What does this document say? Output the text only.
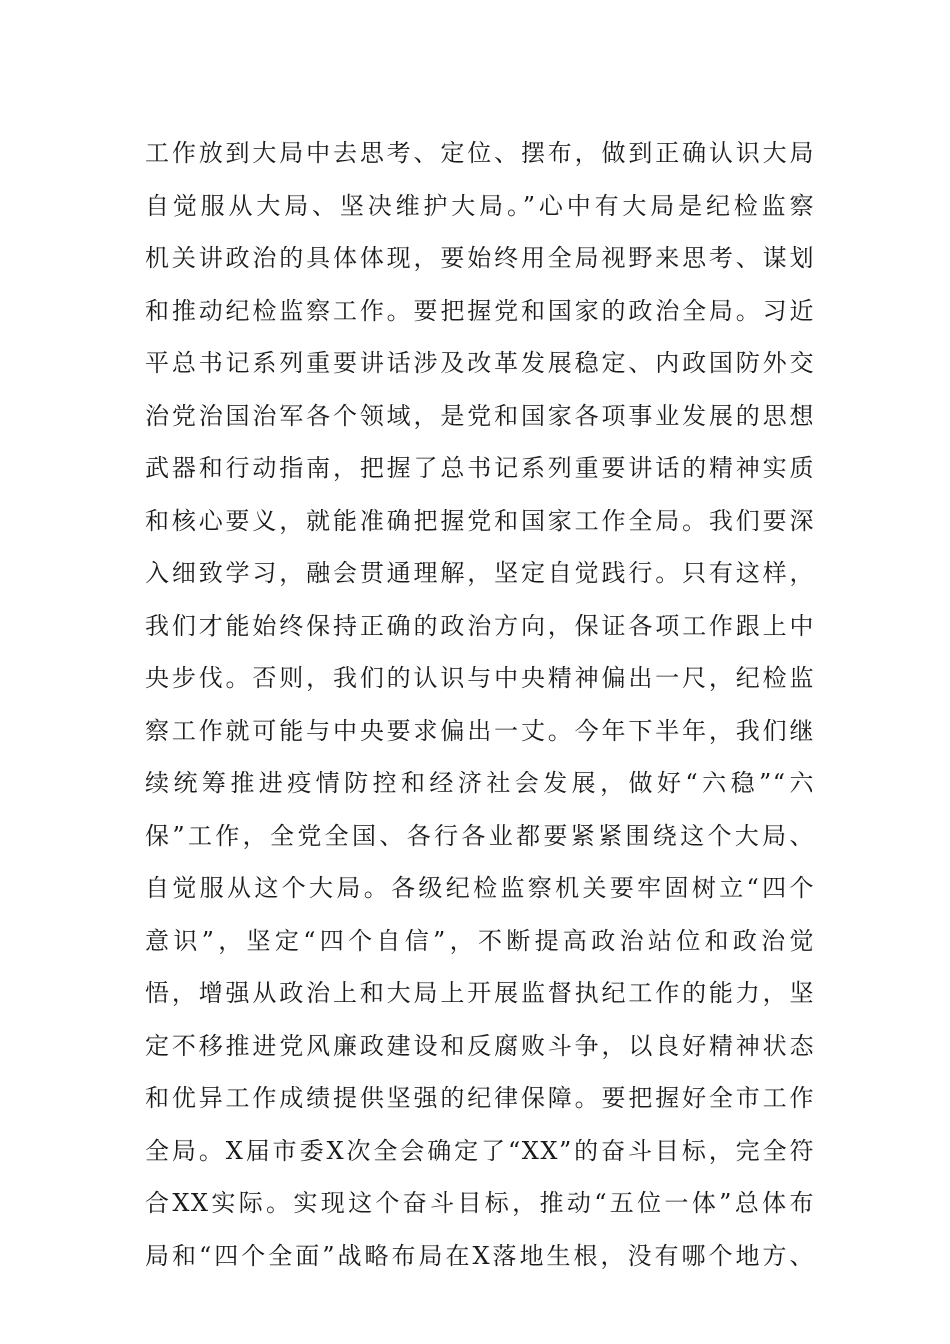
工作放到大局中去思考、定位、摆布，做到正确认识大局
自觉服从大局、坚决维护大局。”心中有大局是纪检监察
机关讲政治的具体体现，要始终用全局视野来思考、谋划
和推动纪检监察工作。要把握党和国家的政治全局。习近
平总书记系列重要讲话涉及改革发展稳定、内政国防外交
治党治国治军各个领域，是党和国家各项事业发展的思想
武器和行动指南，把握了总书记系列重要讲话的精神实质
和核心要义，就能准确把握党和国家工作全局。我们要深
入细致学习，融会贯通理解，坚定自觉践行。只有这样，
我们才能始终保持正确的政治方向，保证各项工作跟上中
央步伐。否则，我们的认识与中央精神偏出一尺，纪检监
察工作就可能与中央要求偏出一丈。今年下半年，我们继
续统筹推进疫情防控和经济社会发展，做好“六稳”“六
保”工作，全党全国、各行各业都要紧紧围绕这个大局、
自觉服从这个大局。各级纪检监察机关要牢固树立“四个
意识”，坚定“四个自信”，不断提高政治站位和政治觉
悟，增强从政治上和大局上开展监督执纪工作的能力，坚
定不移推进党风廉政建设和反腐败斗争，以良好精神状态
和优异工作成绩提供坚强的纪律保障。要把握好全市工作
全局。X届市委X次全会确定了“XX”的奋斗目标，完全符
合XX实际。实现这个奋斗目标，推动“五位一体”总体布
局和“四个全面”战略布局在X落地生根，没有哪个地方、
